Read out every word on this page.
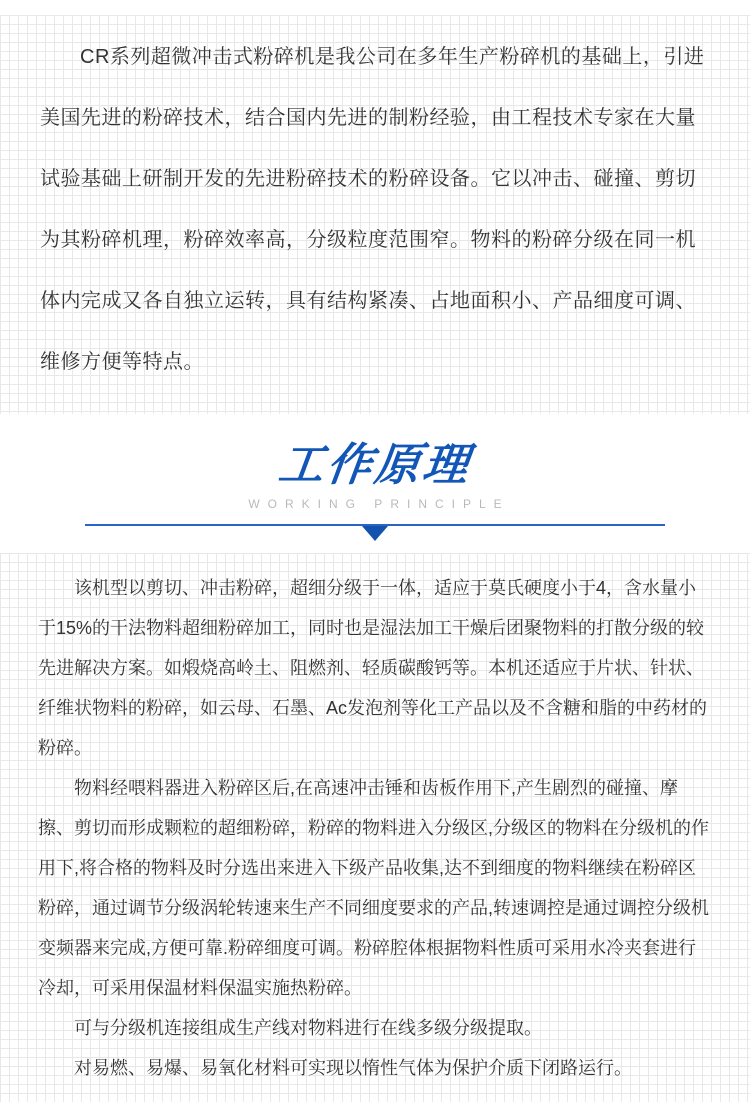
CR系列超微冲击式粉碎机是我公司在多年生产粉碎机的基础上，引进美国先进的粉碎技术，结合国内先进的制粉经验，由工程技术专家在大量试验基础上研制开发的先进粉碎技术的粉碎设备。它以冲击、碰撞、剪切为其粉碎机理，粉碎效率高，分级粒度范围窄。物料的粉碎分级在同一机体内完成又各自独立运转，具有结构紧凑、占地面积小、产品细度可调、维修方便等特点。

工作原理
WORKING PRINCIPLE

该机型以剪切、冲击粉碎，超细分级于一体，适应于莫氏硬度小于4，含水量小于15%的干法物料超细粉碎加工，同时也是湿法加工干燥后团聚物料的打散分级的较先进解决方案。如煅烧高岭土、阻燃剂、轻质碳酸钙等。本机还适应于片状、针状、纤维状物料的粉碎，如云母、石墨、Ac发泡剂等化工产品以及不含糖和脂的中药材的粉碎。

物料经喂料器进入粉碎区后,在高速冲击锤和齿板作用下,产生剧烈的碰撞、摩擦、剪切而形成颗粒的超细粉碎，粉碎的物料进入分级区,分级区的物料在分级机的作用下,将合格的物料及时分选出来进入下级产品收集,达不到细度的物料继续在粉碎区粉碎，通过调节分级涡轮转速来生产不同细度要求的产品,转速调控是通过调控分级机变频器来完成,方便可靠.粉碎细度可调。粉碎腔体根据物料性质可采用水冷夹套进行冷却，可采用保温材料保温实施热粉碎。

可与分级机连接组成生产线对物料进行在线多级分级提取。

对易燃、易爆、易氧化材料可实现以惰性气体为保护介质下闭路运行。
